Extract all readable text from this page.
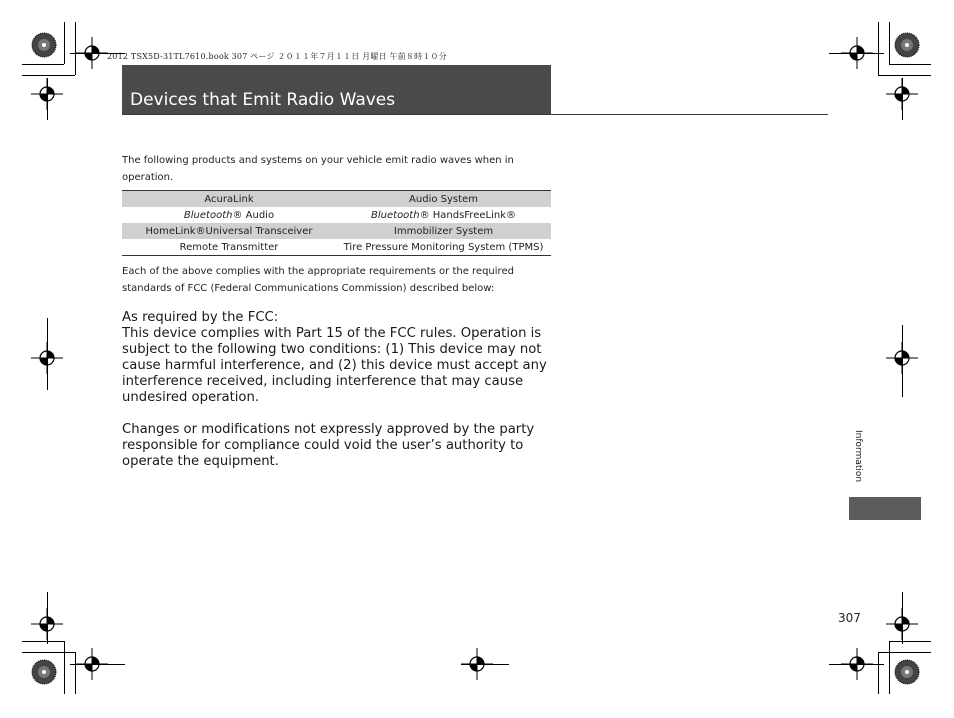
2012 TSX5D-31TL7610.book 307 ページ ２０１１年７月１１日 月曜日 午前８時１０分
Devices that Emit Radio Waves
The following products and systems on your vehicle emit radio waves when in operation.
AcuraLink	Audio System
Bluetooth® Audio	Bluetooth® HandsFreeLink®
HomeLink®Universal Transceiver	Immobilizer System
Remote Transmitter	Tire Pressure Monitoring System (TPMS)
Each of the above complies with the appropriate requirements or the required standards of FCC (Federal Communications Commission) described below:

As required by the FCC:

This device complies with Part 15 of the FCC rules. Operation is subject to the following two conditions: (1) This device may not cause harmful interference, and (2) this device must accept any interference received, including interference that may cause undesired operation.

Changes or modifications not expressly approved by the party responsible for compliance could void the user’s authority to operate the equipment.	Information
307
